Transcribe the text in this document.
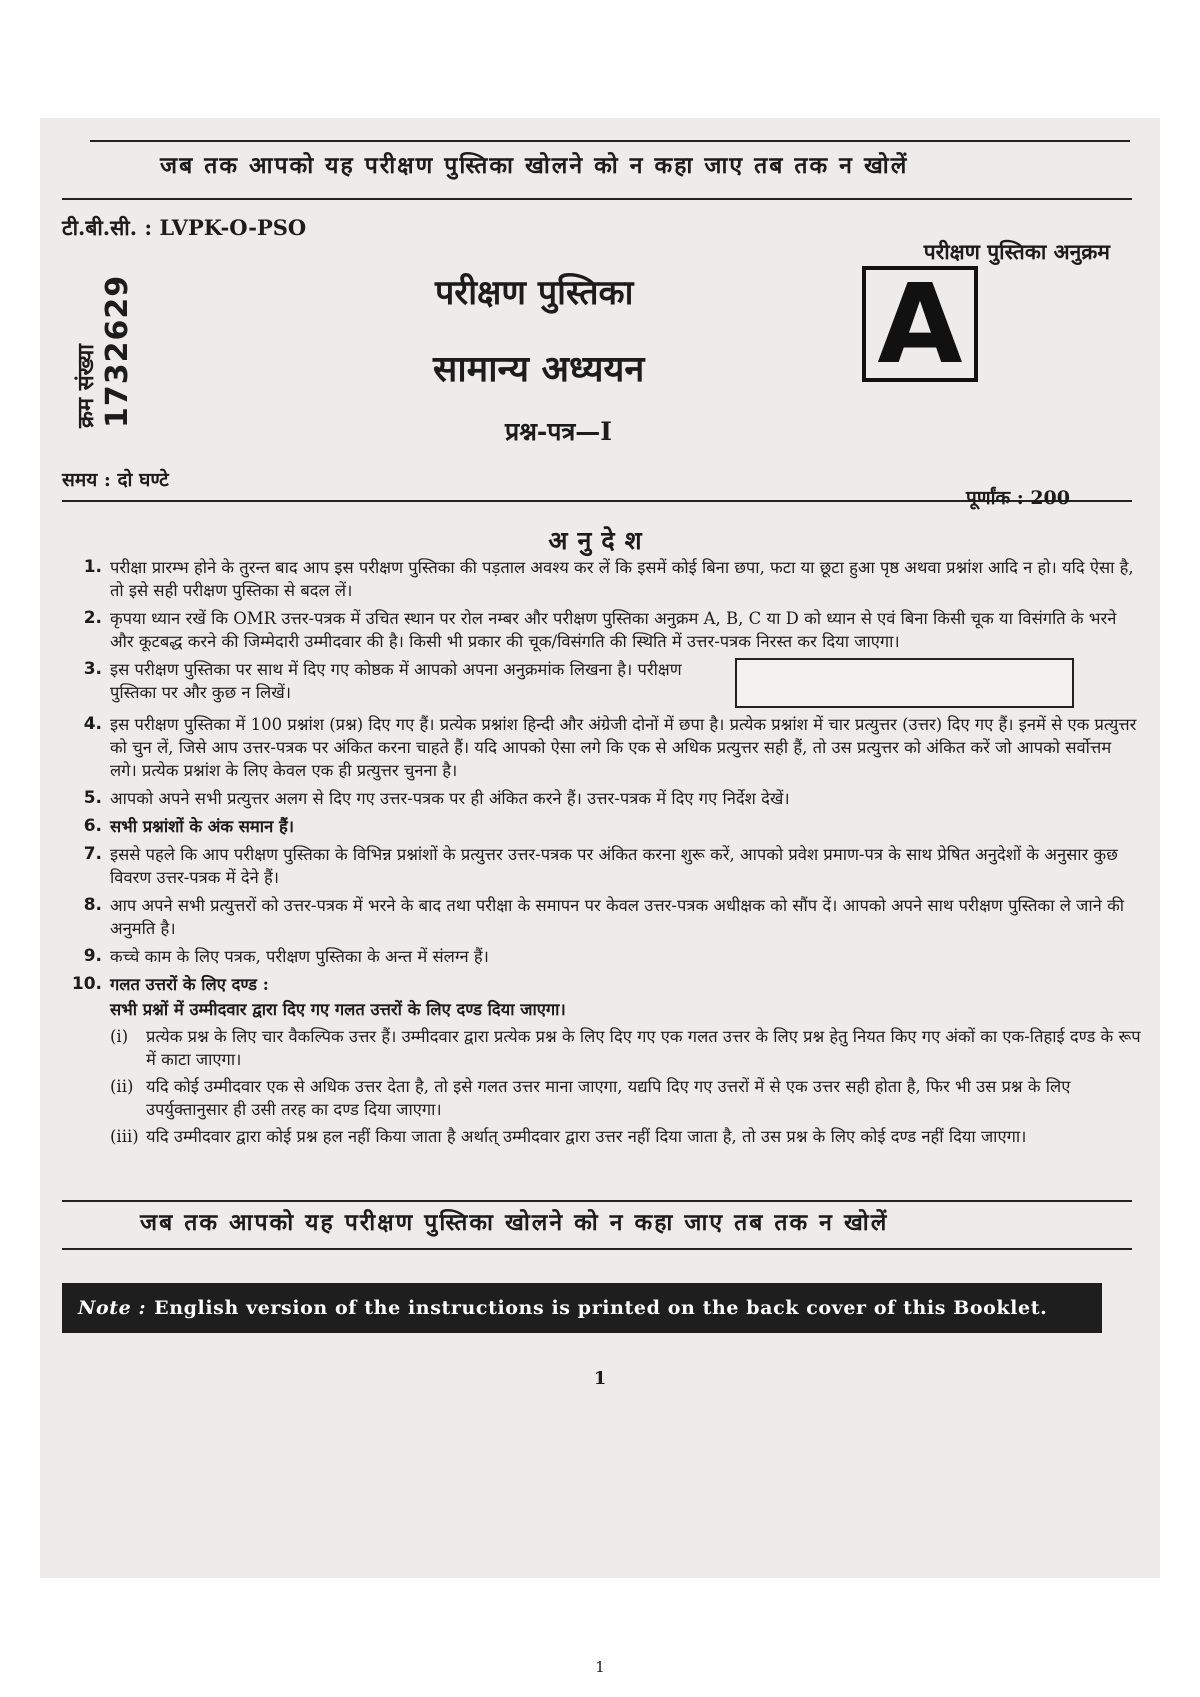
जब तक आपको यह परीक्षण पुस्तिका खोलने को न कहा जाए तब तक न खोलें
टी.बी.सी. : LVPK-O-PSO
परीक्षण पुस्तिका अनुक्रम
क्रम संख्या 1732629	परीक्षण पुस्तिका
सामान्य अध्ययन
प्रश्न-पत्र—I
A
समय : दो घण्टे
पूर्णांक : 200
अनुदेश
1. परीक्षा प्रारम्भ होने के तुरन्त बाद आप इस परीक्षण पुस्तिका की पड़ताल अवश्य कर लें कि इसमें कोई बिना छपा, फटा या छूटा हुआ पृष्ठ अथवा प्रश्नांश आदि न हो। यदि ऐसा है, तो इसे सही परीक्षण पुस्तिका से बदल लें।
2. कृपया ध्यान रखें कि OMR उत्तर-पत्रक में उचित स्थान पर रोल नम्बर और परीक्षण पुस्तिका अनुक्रम A, B, C या D को ध्यान से एवं बिना किसी चूक या विसंगति के भरने और कूटबद्ध करने की जिम्मेदारी उम्मीदवार की है। किसी भी प्रकार की चूक/विसंगति की स्थिति में उत्तर-पत्रक निरस्त कर दिया जाएगा।
3. इस परीक्षण पुस्तिका पर साथ में दिए गए कोष्ठक में आपको अपना अनुक्रमांक लिखना है। परीक्षण पुस्तिका पर और कुछ न लिखें।
4. इस परीक्षण पुस्तिका में 100 प्रश्नांश (प्रश्न) दिए गए हैं। प्रत्येक प्रश्नांश हिन्दी और अंग्रेजी दोनों में छपा है। प्रत्येक प्रश्नांश में चार प्रत्युत्तर (उत्तर) दिए गए हैं। इनमें से एक प्रत्युत्तर को चुन लें, जिसे आप उत्तर-पत्रक पर अंकित करना चाहते हैं। यदि आपको ऐसा लगे कि एक से अधिक प्रत्युत्तर सही हैं, तो उस प्रत्युत्तर को अंकित करें जो आपको सर्वोत्तम लगे। प्रत्येक प्रश्नांश के लिए केवल एक ही प्रत्युत्तर चुनना है।
5. आपको अपने सभी प्रत्युत्तर अलग से दिए गए उत्तर-पत्रक पर ही अंकित करने हैं। उत्तर-पत्रक में दिए गए निर्देश देखें।
6. सभी प्रश्नांशों के अंक समान हैं।
7. इससे पहले कि आप परीक्षण पुस्तिका के विभिन्न प्रश्नांशों के प्रत्युत्तर उत्तर-पत्रक पर अंकित करना शुरू करें, आपको प्रवेश प्रमाण-पत्र के साथ प्रेषित अनुदेशों के अनुसार कुछ विवरण उत्तर-पत्रक में देने हैं।
8. आप अपने सभी प्रत्युत्तरों को उत्तर-पत्रक में भरने के बाद तथा परीक्षा के समापन पर केवल उत्तर-पत्रक अधीक्षक को सौंप दें। आपको अपने साथ परीक्षण पुस्तिका ले जाने की अनुमति है।
9. कच्चे काम के लिए पत्रक, परीक्षण पुस्तिका के अन्त में संलग्न हैं।
10. गलत उत्तरों के लिए दण्ड :
सभी प्रश्नों में उम्मीदवार द्वारा दिए गए गलत उत्तरों के लिए दण्ड दिया जाएगा।
(i)	प्रत्येक प्रश्न के लिए चार वैकल्पिक उत्तर हैं। उम्मीदवार द्वारा प्रत्येक प्रश्न के लिए दिए गए एक गलत उत्तर के लिए प्रश्न हेतु नियत किए गए अंकों का एक-तिहाई दण्ड के रूप में काटा जाएगा।
(ii) यदि कोई उम्मीदवार एक से अधिक उत्तर देता है, तो इसे गलत उत्तर माना जाएगा, यद्यपि दिए गए उत्तरों में से एक उत्तर सही होता है, फिर भी उस प्रश्न के लिए उपर्युक्तानुसार ही उसी तरह का दण्ड दिया जाएगा।
(iii) यदि उम्मीदवार द्वारा कोई प्रश्न हल नहीं किया जाता है अर्थात् उम्मीदवार द्वारा उत्तर नहीं दिया जाता है, तो उस प्रश्न के लिए कोई दण्ड नहीं दिया जाएगा।
जब तक आपको यह परीक्षण पुस्तिका खोलने को न कहा जाए तब तक न खोलें
Note : English version of the instructions is printed on the back cover of this Booklet.
1
1
